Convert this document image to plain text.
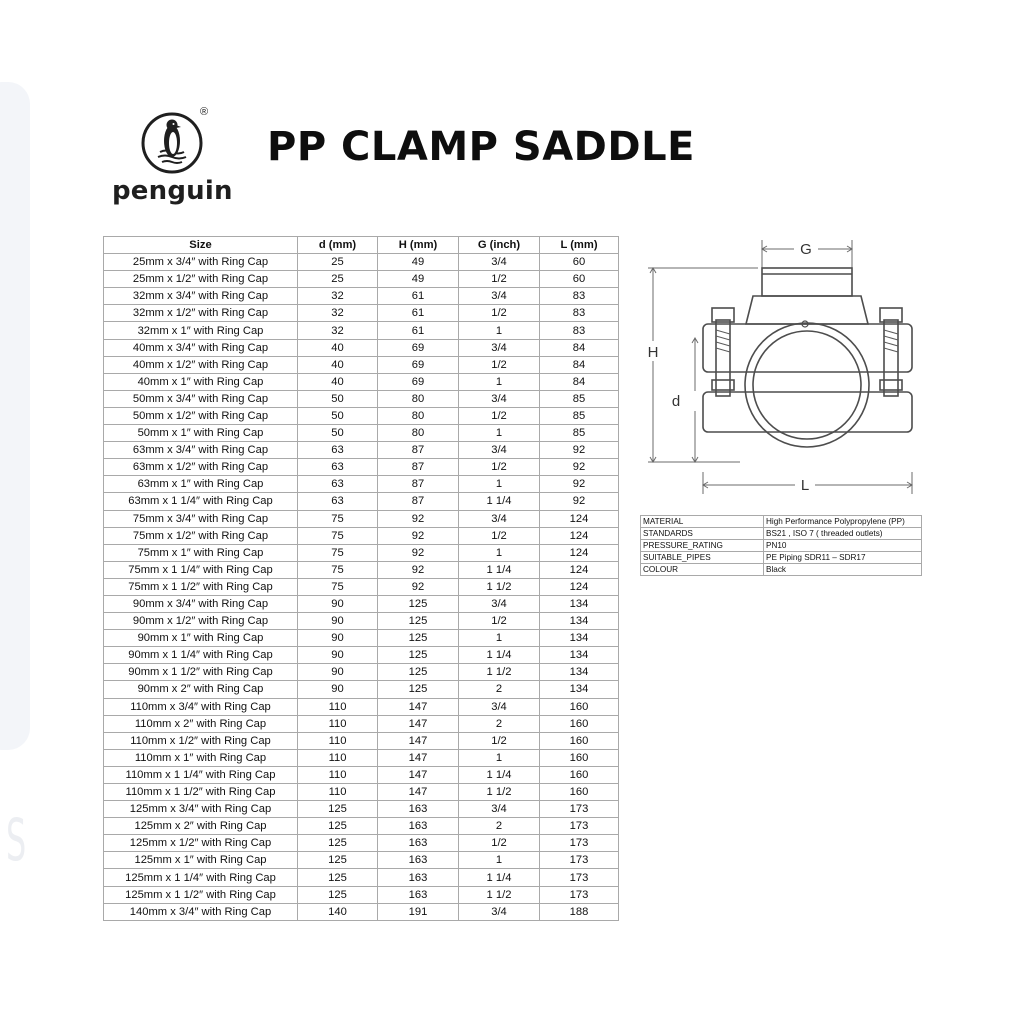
S
®
penguin
PP CLAMP SADDLE
Size	d (mm)	H (mm)	G (inch)	L (mm)
25mm x 3/4″ with Ring Cap	25	49	3/4	60
25mm x 1/2″ with Ring Cap	25	49	1/2	60
32mm x 3/4″ with Ring Cap	32	61	3/4	83
32mm x 1/2″ with Ring Cap	32	61	1/2	83
32mm x 1″ with Ring Cap	32	61	1	83
40mm x 3/4″ with Ring Cap	40	69	3/4	84
40mm x 1/2″ with Ring Cap	40	69	1/2	84
40mm x 1″ with Ring Cap	40	69	1	84
50mm x 3/4″ with Ring Cap	50	80	3/4	85
50mm x 1/2″ with Ring Cap	50	80	1/2	85
50mm x 1″ with Ring Cap	50	80	1	85
63mm x 3/4″ with Ring Cap	63	87	3/4	92
63mm x 1/2″ with Ring Cap	63	87	1/2	92
63mm x 1″ with Ring Cap	63	87	1	92
63mm x 1 1/4″ with Ring Cap	63	87	1 1/4	92
75mm x 3/4″ with Ring Cap	75	92	3/4	124
75mm x 1/2″ with Ring Cap	75	92	1/2	124
75mm x 1″ with Ring Cap	75	92	1	124
75mm x 1 1/4″ with Ring Cap	75	92	1 1/4	124
75mm x 1 1/2″ with Ring Cap	75	92	1 1/2	124
90mm x 3/4″ with Ring Cap	90	125	3/4	134
90mm x 1/2″ with Ring Cap	90	125	1/2	134
90mm x 1″ with Ring Cap	90	125	1	134
90mm x 1 1/4″ with Ring Cap	90	125	1 1/4	134
90mm x 1 1/2″ with Ring Cap	90	125	1 1/2	134
90mm x 2″ with Ring Cap	90	125	2	134
110mm x 3/4″ with Ring Cap	110	147	3/4	160
110mm x 2″ with Ring Cap	110	147	2	160
110mm x 1/2″ with Ring Cap	110	147	1/2	160
110mm x 1″ with Ring Cap	110	147	1	160
110mm x 1 1/4″ with Ring Cap	110	147	1 1/4	160
110mm x 1 1/2″ with Ring Cap	110	147	1 1/2	160
125mm x 3/4″ with Ring Cap	125	163	3/4	173
125mm x 2″ with Ring Cap	125	163	2	173
125mm x 1/2″ with Ring Cap	125	163	1/2	173
125mm x 1″ with Ring Cap	125	163	1	173
125mm x 1 1/4″ with Ring Cap	125	163	1 1/4	173
125mm x 1 1/2″ with Ring Cap	125	163	1 1/2	173
140mm x 3/4″ with Ring Cap	140	191	3/4	188
G
H
d
L
MATERIAL	High Performance Polypropylene (PP)
STANDARDS	BS21 , ISO 7 ( threaded outlets)
PRESSURE_RATING	PN10
SUITABLE_PIPES	PE Piping SDR11 – SDR17
COLOUR	Black
